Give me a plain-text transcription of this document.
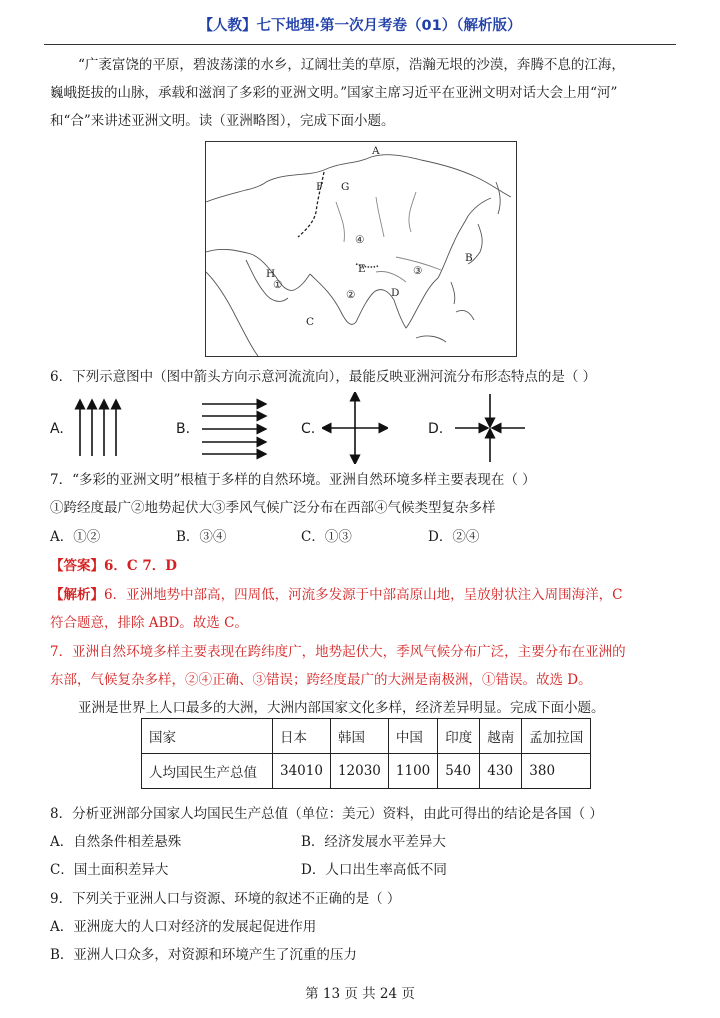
【人教】七下地理·第一次月考卷（01）（解析版）
“广袤富饶的平原，碧波荡漾的水乡，辽阔壮美的草原，浩瀚无垠的沙漠，奔腾不息的江海，
巍峨挺拔的山脉，承载和滋润了多彩的亚洲文明。”国家主席习近平在亚洲文明对话大会上用“河”
和“合”来讲述亚洲文明。读（亚洲略图），完成下面小题。
A
B
C
D
E
F G
H
①
②
③
④
6．下列示意图中（图中箭头方向示意河流流向），最能反映亚洲河流分布形态特点的是（ ）
A.	B.	C.	D.
7．“多彩的亚洲文明”根植于多样的自然环境。亚洲自然环境多样主要表现在（ ）
①跨经度最广②地势起伏大③季风气候广泛分布在西部④气候类型复杂多样
A．①②	B．③④	C．①③	D．②④
【答案】6．C 7．D
【解析】6．亚洲地势中部高，四周低，河流多发源于中部高原山地，呈放射状注入周围海洋，C
符合题意，排除 ABD。故选 C。
7．亚洲自然环境多样主要表现在跨纬度广，地势起伏大，季风气候分布广泛，主要分布在亚洲的
东部，气候复杂多样，②④正确、③错误；跨经度最广的大洲是南极洲，①错误。故选 D。
亚洲是世界上人口最多的大洲，大洲内部国家文化多样，经济差异明显。完成下面小题。
国家	日本	韩国	中国	印度	越南	孟加拉国
人均国民生产总值	34010	12030	1100	540	430	380
8．分析亚洲部分国家人均国民生产总值（单位：美元）资料，由此可得出的结论是各国（ ）
A．自然条件相差悬殊	B．经济发展水平差异大
C．国土面积差异大	D．人口出生率高低不同
9．下列关于亚洲人口与资源、环境的叙述不正确的是（ ）
A．亚洲庞大的人口对经济的发展起促进作用
B．亚洲人口众多，对资源和环境产生了沉重的压力
第 13 页 共 24 页
